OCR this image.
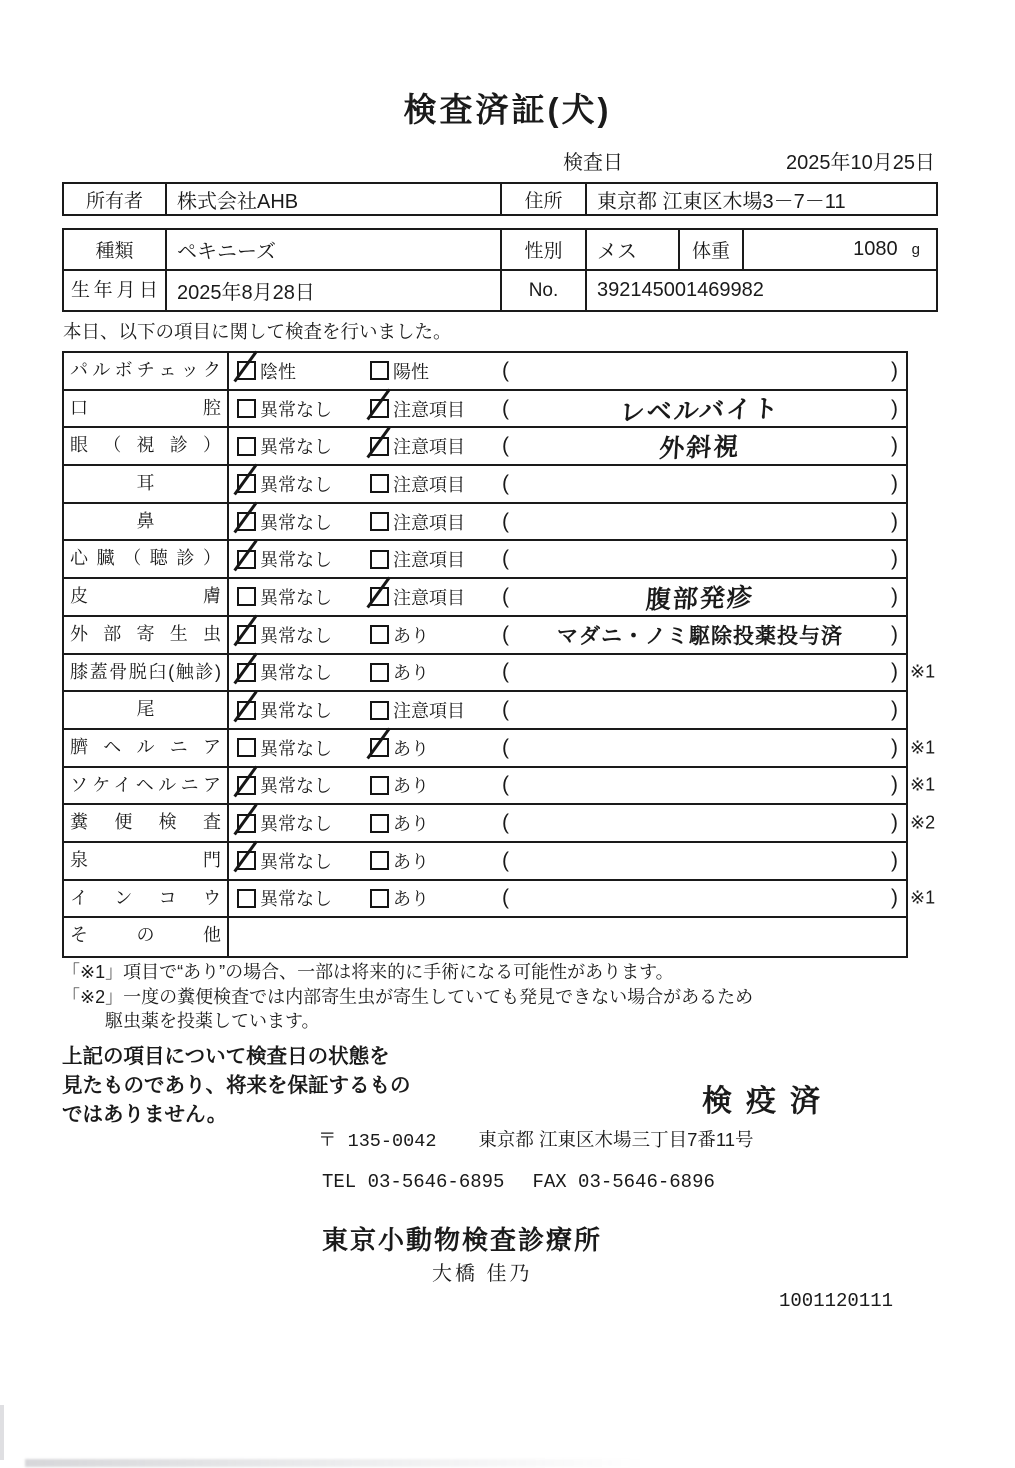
検査済証(犬)
検査日	2025年10月25日
所有者	株式会社AHB	住所	東京都 江東区木場3－7－11
種類	ペキニーズ	性別	メス	体重	1080 g
生年月日 2025年8月28日	No.	392145001469982
本日、以下の項目に関して検査を行いました。
パルボチェック	陰性	陽性	(	)
口腔	異常なし	注意項目 (	レベルバイト	)
眼（視診）	異常なし	注意項目 (	外斜視	)
耳	異常なし	注意項目 (	)
鼻	異常なし	注意項目 (	)
心臓（聴診）	異常なし	注意項目 (	)
皮膚	異常なし	注意項目 (	腹部発疹	)
外部寄生虫	異常なし	あり	(	マダニ・ノミ駆除投薬投与済	)
膝蓋骨脱臼(触診)	異常なし	あり	(	) ※1
尾	異常なし	注意項目 (	)
臍ヘルニア	異常なし	あり	(	) ※1
ソケイヘルニア	異常なし	あり	(	) ※1
糞便検査	異常なし	あり	(	) ※2
泉門	異常なし	あり	(	)
インコウ	異常なし	あり	(	) ※1
その他
「※1」項目で“あり”の場合、一部は将来的に手術になる可能性があります。
「※2」一度の糞便検査では内部寄生虫が寄生していても発見できない場合があるため
駆虫薬を投薬しています。
上記の項目について検査日の状態を
見たものであり、将来を保証するもの
ではありません。	検疫済
〒 135-0042 東京都 江東区木場三丁目7番11号
TEL 03-5646-6895 FAX 03-5646-6896
東京小動物検査診療所
大橋 佳乃
1001120111
